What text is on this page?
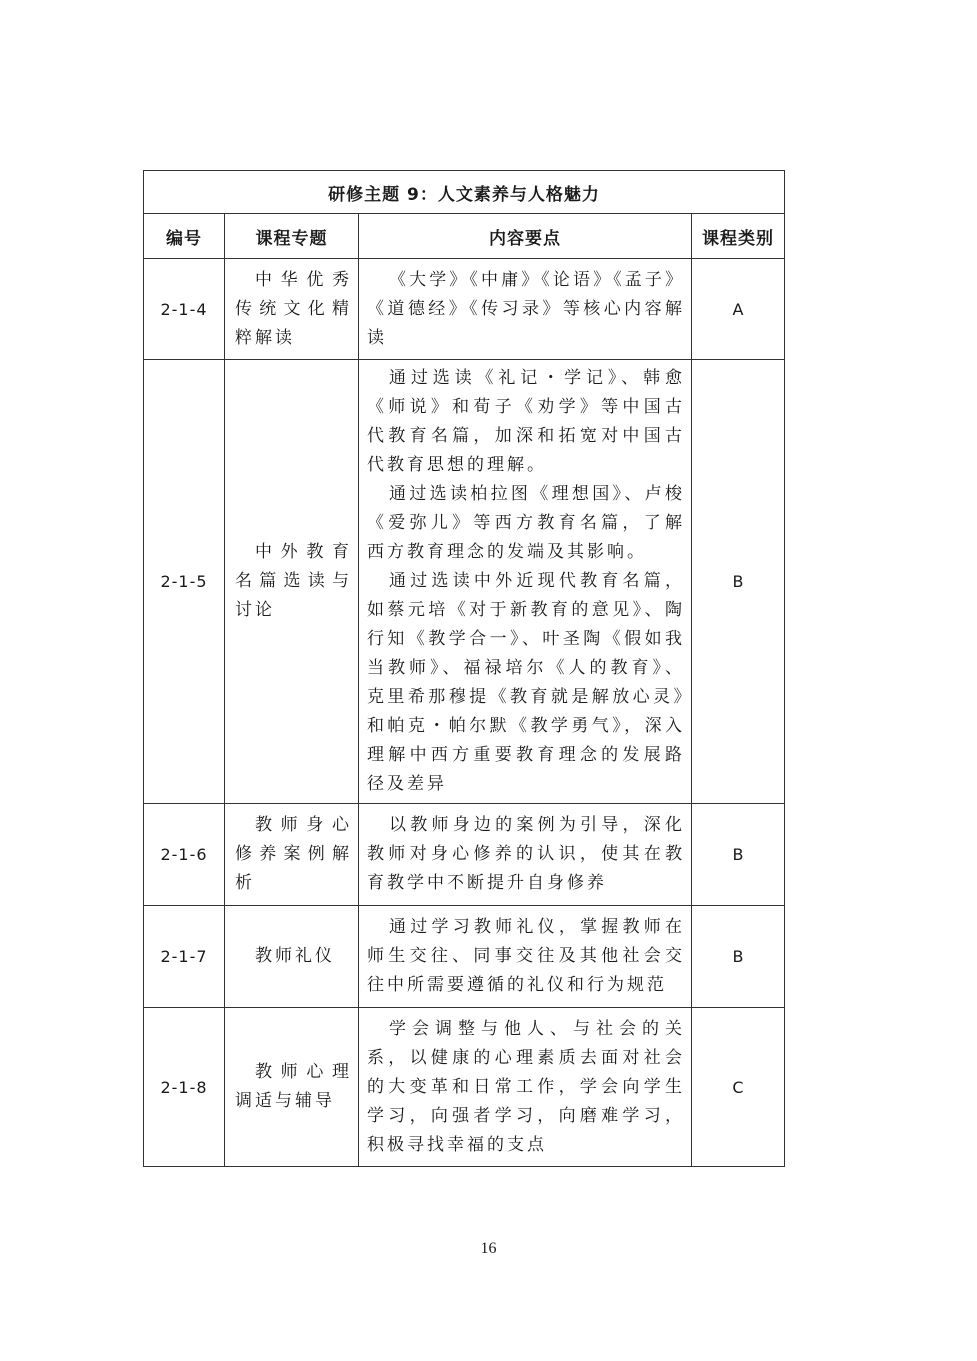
研修主题 9：人文素养与人格魅力			
编号	课程专题	内容要点	课程类别
2-1-4	中华优秀传统文化精粹解读	《大学》《中庸》《论语》《孟子》《道德经》《传习录》等核心内容解读	A
2-1-5	中外教育名篇选读与讨论	通过选读《礼记・学记》、韩愈《师说》和荀子《劝学》等中国古代教育名篇，加深和拓宽对中国古代教育思想的理解。

通过选读柏拉图《理想国》、卢梭《爱弥儿》等西方教育名篇，了解西方教育理念的发端及其影响。

通过选读中外近现代教育名篇，如蔡元培《对于新教育的意见》、陶行知《教学合一》、叶圣陶《假如我当教师》、福禄培尔《人的教育》、克里希那穆提《教育就是解放心灵》和帕克・帕尔默《教学勇气》，深入理解中西方重要教育理念的发展路径及差异	B
2-1-6	教师身心修养案例解析	以教师身边的案例为引导，深化教师对身心修养的认识，使其在教育教学中不断提升自身修养	B
2-1-7	教师礼仪	通过学习教师礼仪，掌握教师在师生交往、同事交往及其他社会交往中所需要遵循的礼仪和行为规范	B
2-1-8	教师心理调适与辅导	学会调整与他人、与社会的关系，以健康的心理素质去面对社会的大变革和日常工作，学会向学生学习，向强者学习，向磨难学习，积极寻找幸福的支点	C
16
